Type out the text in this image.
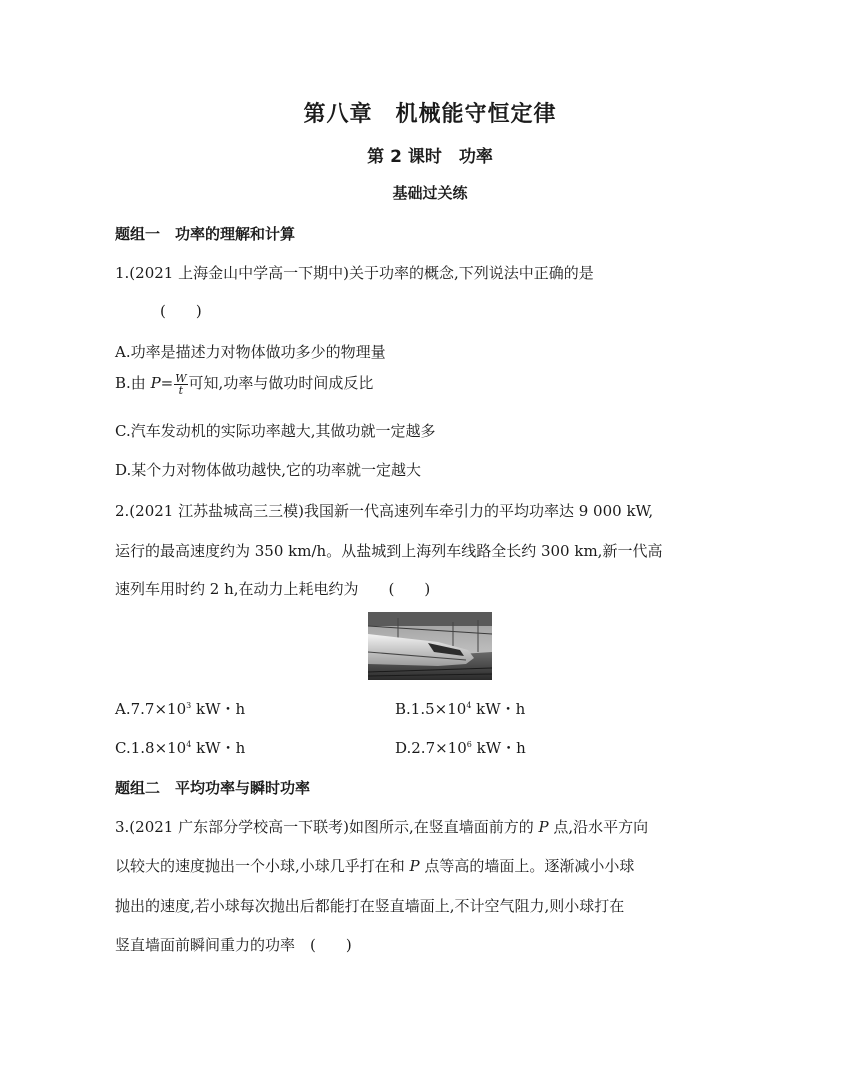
第八章　机械能守恒定律
第 2 课时　功率
基础过关练
题组一　功率的理解和计算
1.(2021 上海金山中学高一下期中)关于功率的概念,下列说法中正确的是
(　　)
A.功率是描述力对物体做功多少的物理量
B.由 $P= \frac{W}{t}$ 可知,功率与做功时间成反比
C.汽车发动机的实际功率越大,其做功就一定越多
D.某个力对物体做功越快,它的功率就一定越大
2.(2021 江苏盐城高三三模)我国新一代高速列车牵引力的平均功率达 9 000 kW,
运行的最高速度约为 350 km/h。从盐城到上海列车线路全长约 300 km,新一代高
速列车用时约 2 h,在动力上耗电约为　　(　　)
$A.7.7\times 10^3$ kW・h	$B.1.5\times 10^4$ kW・h
$C.1.8\times 10^4$ kW・h	$D.2.7\times 10^6$ kW・h
题组二　平均功率与瞬时功率
3.(2021 广东部分学校高一下联考)如图所示,在竖直墙面前方的 P 点,沿水平方向
以较大的速度抛出一个小球,小球几乎打在和 P 点等高的墙面上。逐渐减小小球
抛出的速度,若小球每次抛出后都能打在竖直墙面上,不计空气阻力,则小球打在
竖直墙面前瞬间重力的功率　(　　)
